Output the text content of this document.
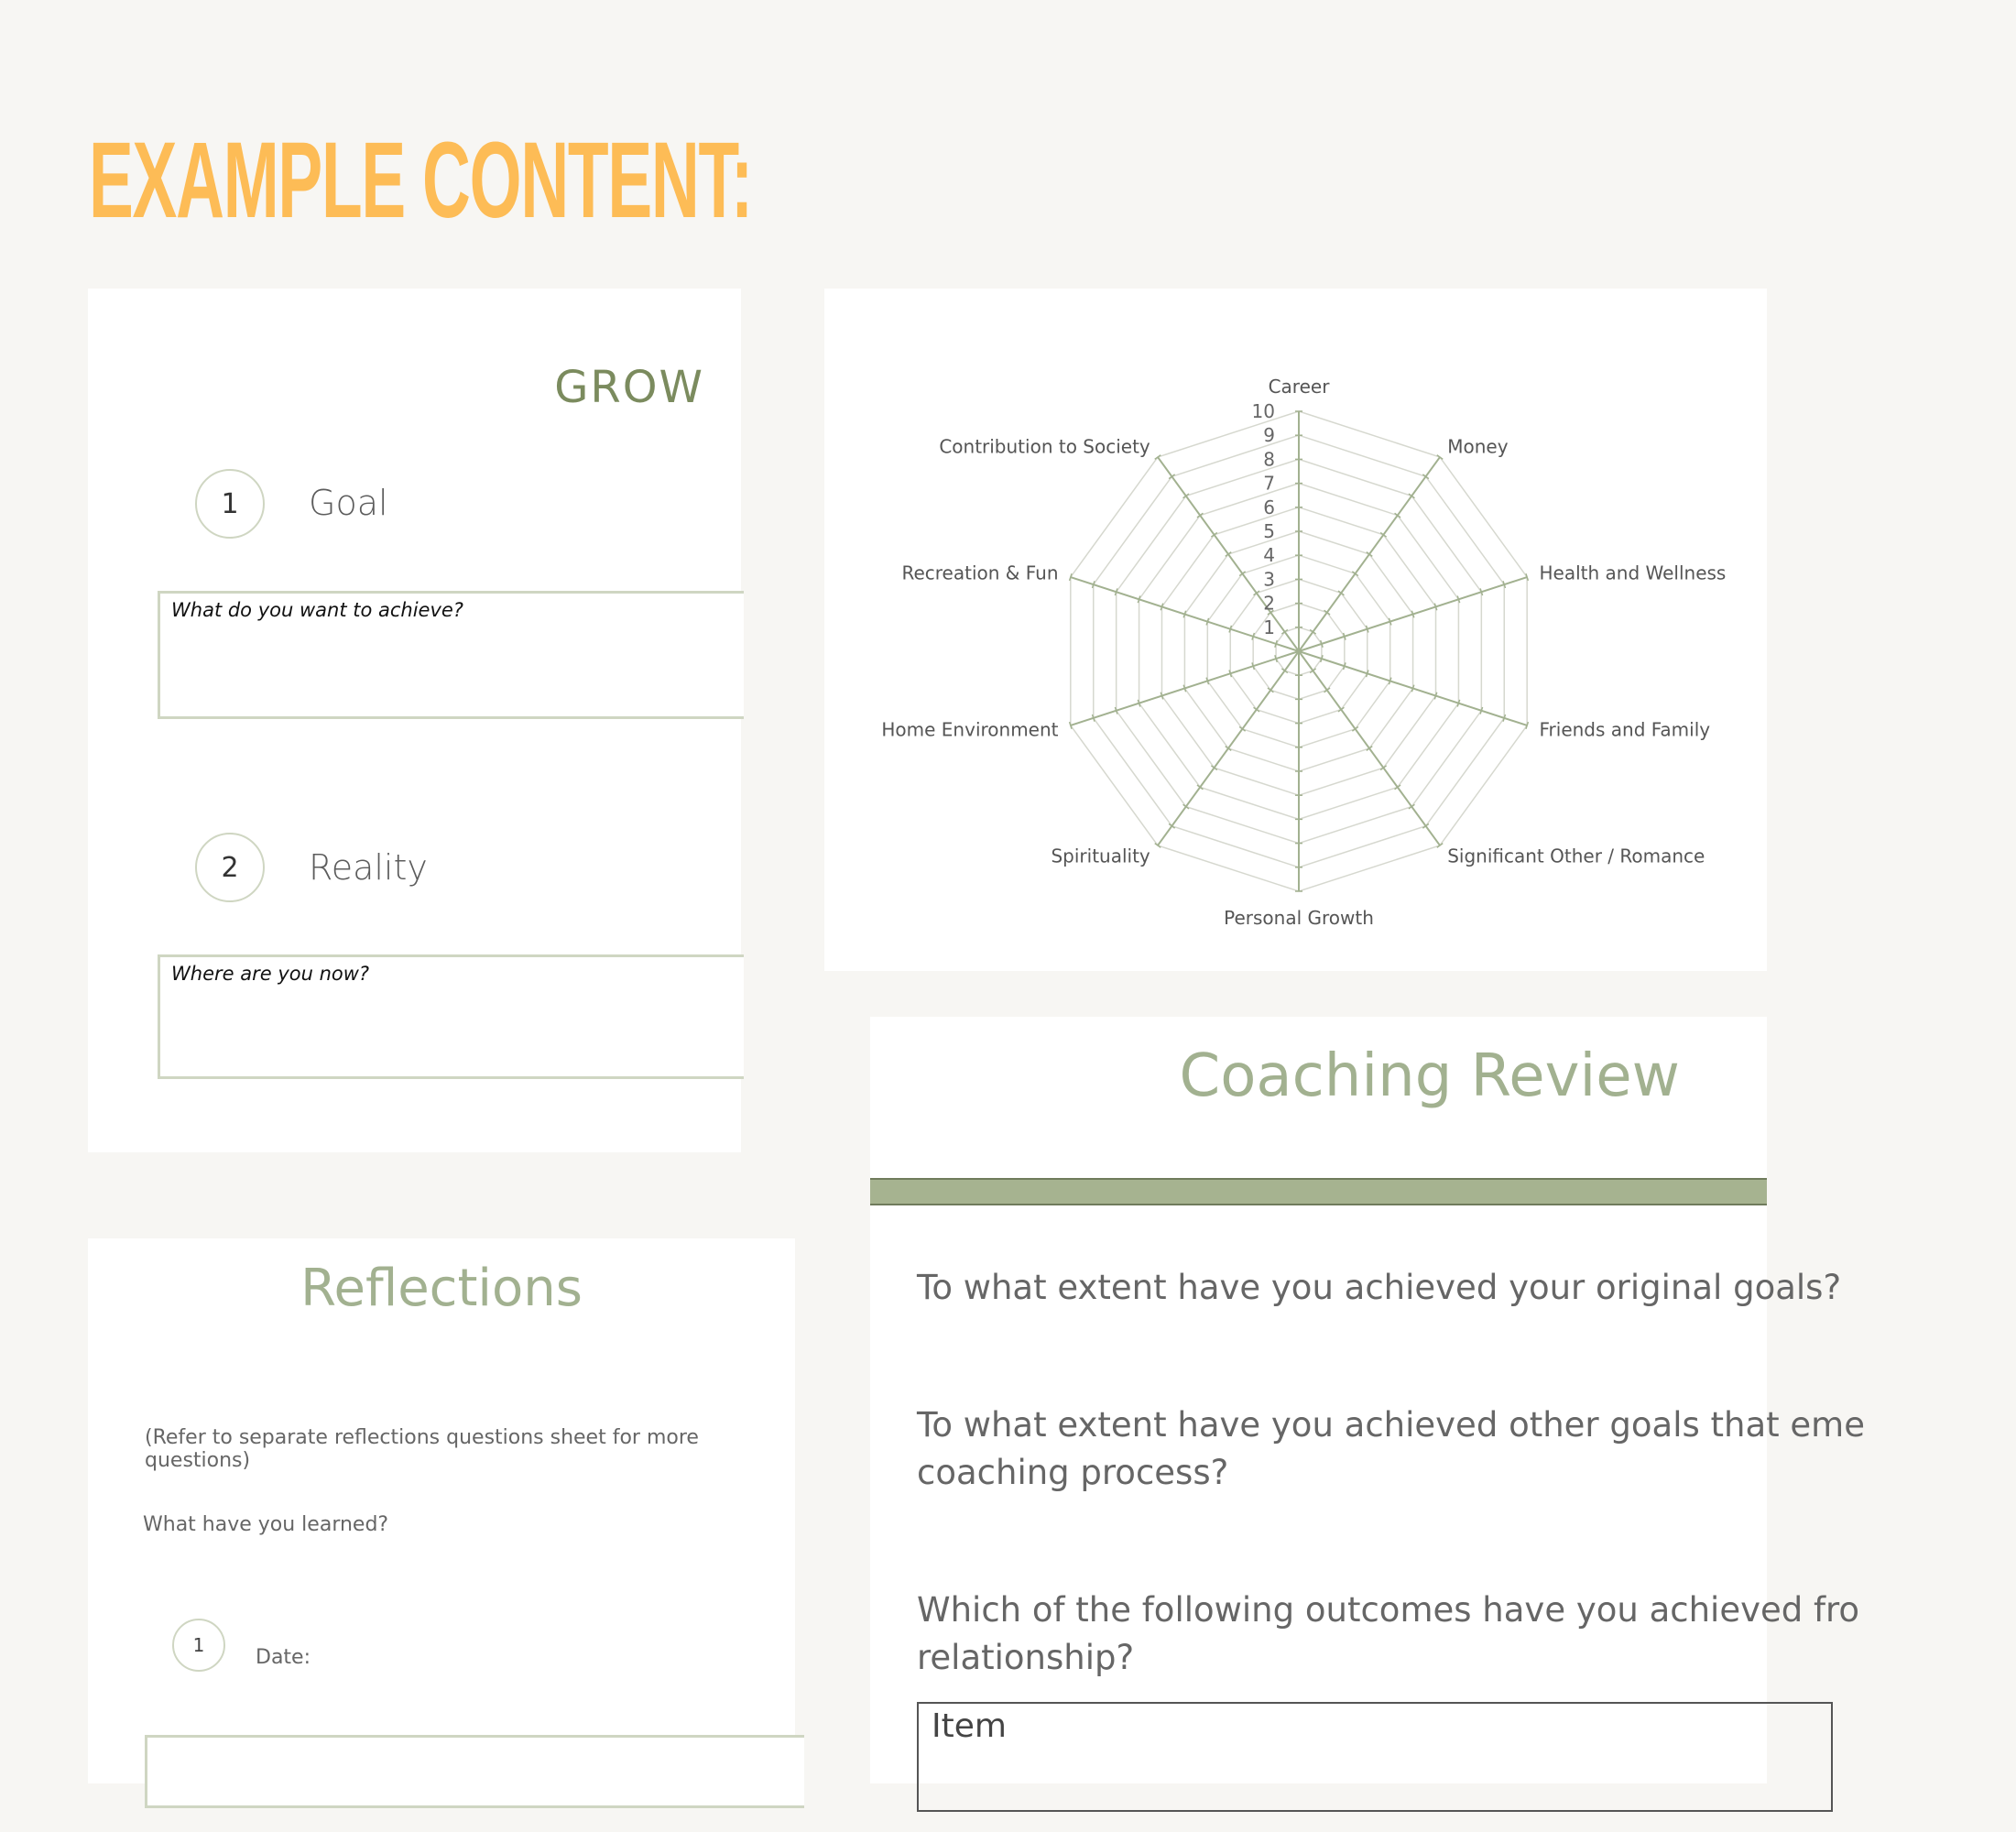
EXAMPLE CONTENT:
GROW
1	Goal
What do you want to achieve?
2	Reality
Where are you now?
1
2
3
4
5
6
7
8
9
10
Career
Money
Health and Wellness
Friends and Family
Significant Other / Romance
Personal Growth
Spirituality
Home Environment
Recreation & Fun
Contribution to Society
Reflections
(Refer to separate reflections questions sheet for more questions)
What have you learned?
1
Date:
Coaching Review
To what extent have you achieved your original goals?
To what extent have you achieved other goals that eme
coaching process?
Which of the following outcomes have you achieved fro
relationship?
Item
